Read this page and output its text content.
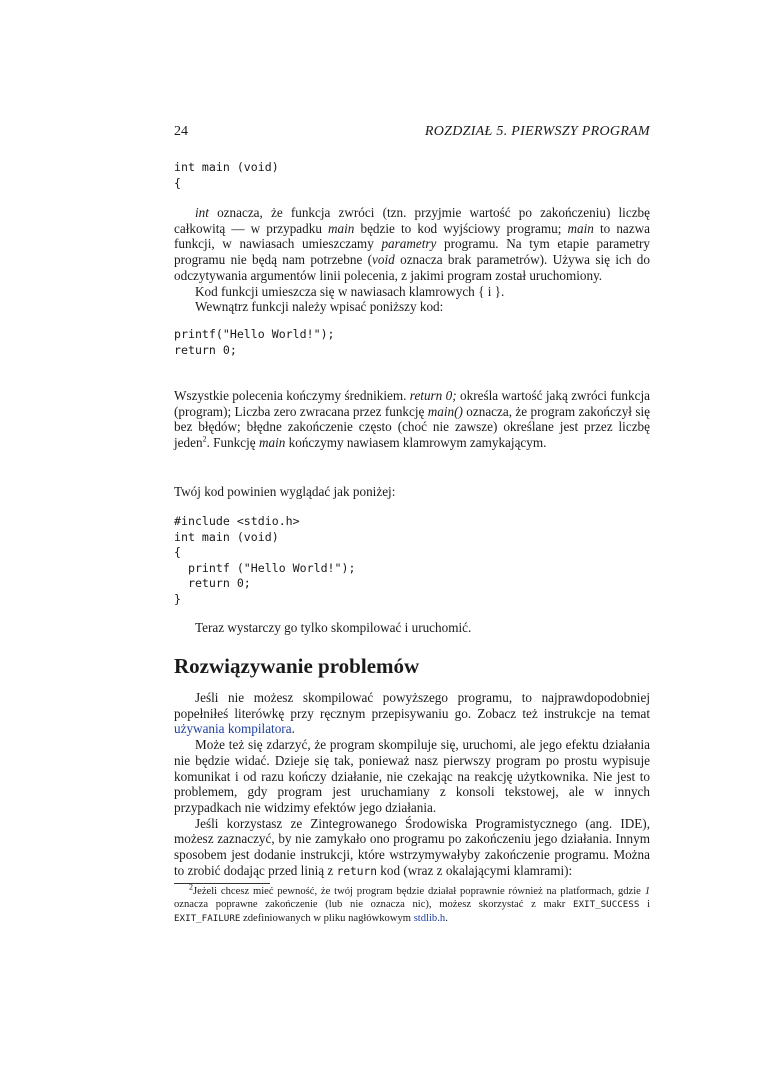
24	ROZDZIAŁ 5. PIERWSZY PROGRAM
int main (void)
{

int oznacza, że funkcja zwróci (tzn. przyjmie wartość po zakończeniu) liczbę całkowitą — w przypadku main będzie to kod wyjściowy programu; main to nazwa funkcji, w nawiasach umieszczamy parametry programu. Na tym etapie parametry programu nie będą nam potrzebne (void oznacza brak parametrów). Używa się ich do odczytywania argumentów linii polecenia, z jakimi program został uruchomiony.

Kod funkcji umieszcza się w nawiasach klamrowych { i }.

Wewnątrz funkcji należy wpisać poniższy kod:

printf("Hello World!");
return 0;

Wszystkie polecenia kończymy średnikiem. return 0; określa wartość jaką zwróci funkcja (program); Liczba zero zwracana przez funkcję main() oznacza, że program zakończył się bez błędów; błędne zakończenie często (choć nie zawsze) określane jest przez liczbę jeden$^2$. Funkcję main kończymy nawiasem klamrowym zamykającym.

Twój kod powinien wyglądać jak poniżej:

#include <stdio.h>
int main (void)
{
printf ("Hello World!");
return 0;
}

Teraz wystarczy go tylko skompilować i uruchomić.

Rozwiązywanie problemów

Jeśli nie możesz skompilować powyższego programu, to najprawdopodobniej popełniłeś literówkę przy ręcznym przepisywaniu go. Zobacz też instrukcje na temat używania kompilatora.

Może też się zdarzyć, że program skompiluje się, uruchomi, ale jego efektu działania nie będzie widać. Dzieje się tak, ponieważ nasz pierwszy program po prostu wypisuje komunikat i od razu kończy działanie, nie czekając na reakcję użytkownika. Nie jest to problemem, gdy program jest uruchamiany z konsoli tekstowej, ale w innych przypadkach nie widzimy efektów jego działania.

Jeśli korzystasz ze Zintegrowanego Środowiska Programistycznego (ang. IDE), możesz zaznaczyć, by nie zamykało ono programu po zakończeniu jego działania. Innym sposobem jest dodanie instrukcji, które wstrzymywałyby zakończenie programu. Można to zrobić dodając przed linią z return kod (wraz z okalającymi klamrami):

$^2$Jeżeli chcesz mieć pewność, że twój program będzie działał poprawnie również na platformach, gdzie 1 oznacza poprawne zakończenie (lub nie oznacza nic), możesz skorzystać z makr EXIT_SUCCESS i EXIT_FAILURE zdefiniowanych w pliku nagłówkowym stdlib.h.
